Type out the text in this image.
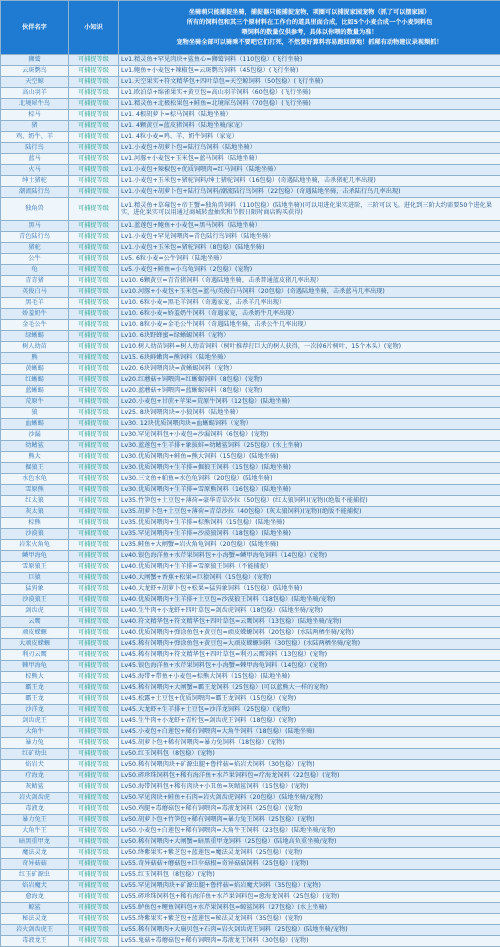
伙伴名字	小知识	坐骑萌只能捕捉坐骑，捕捉器只能捕捉宠物，项圈可以捕捉家园宠物（抓了可以摆家园）
所有的饲料包和其三个原材料在工作台的道具里面合成，比如5个小麦合成一个小麦饲料包
喂饲料的数量仅供参考，具体以你喂的数量为准！
宠物坐骑全部可以骑乘不要吧它们打死，不然要好算料容易跑回原地！抓稀有动物建议录视频抓！

狮鹫	可捕捉等级	Lv1.精灵鱼+罕见肉块+鲨鱼心=狮鹫饲料（110包稳）(飞行坐骑)
云斑鹦鸟	可捕捉等级	Lv1.鲍鱼+小麦包+辣椒包=云斑鹦鸟饲料（45包稳）(飞行坐骑)
天空鲸	可捕捉等级	Lv1.天空果实+符文精华包+四叶草包=天空鲸饲料（50包稳）(飞行坐骑)
高山羽羊	可捕捉等级	Lv1.欧泊草+绵雀果实+黄豆包=高山羽羊饲料（60包稳）(飞行坐骑)
北境犀牛鸟	可捕捉等级	Lv1.精灵鱼+北极松果包+鲑鱼=北境犀鸟饲料（70包稳）(飞行坐骑)
棕马	可捕捉等级	Lv1. 4根胡萝卜=棕马饲料（陆地坐骑）
猪	可捕捉等级	Lv1. 4颗黄豆=蓝皮猪饲料（陆地坐骑/家宠）
鸡、奶牛、羊	可捕捉等级	Lv1. 4粒小麦=鸡、羊、奶牛饲料（家宠）
陆行鸟	可捕捉等级	Lv1.小麦包+胡萝卜包=陆行鸟饲料（陆地坐骑）
蓝马	可捕捉等级	Lv1.河豚+小麦包+玉米包=蓝马饲料（陆地坐骑）
火马	可捕捉等级	Lv1.小麦包+辣椒包+优质饲喂肉=红马饲料（陆地坐骑）
绅士猪驼	可捕捉等级	Lv1.小麦包+玉米包+猪驼饲料/绅士猪驼饲料（16包稳）(奇遇陆地坐骑，击杀猪驼几率出现)
潮流陆行鸟	可捕捉等级	Lv1.小麦包+胡萝卜包+陆行鸟饲料/潮流陆行鸟饲料（22包稳）(奇遇陆地坐骑，击杀陆行鸟几率出现)
独角兽	可捕捉等级	Lv1.精灵鱼+草莓包+帝王蟹=独角兽饲料（110包稳）(陆地坐骑)(可以用进化果实进阶，三阶可以飞。进化到三阶大约需要50个进化果实，进化果实可以用通过商城转盘抽奖和节假日限时商店购买获得)
黑马	可捕捉等级	Lv1.蓝莲包+鲍鱼+小麦包=黑马饲料（陆地坐骑）
青色陆行鸟	可捕捉等级	Lv1.小麦包+罕见饲喂肉=青色陆行鸟饲料（陆地坐骑）
猪驼	可捕捉等级	Lv1.小麦包+玉米包=猪驼饲料（8包稳）(陆地坐骑)
公牛	可捕捉等级	Lv5. 6粒小麦=公牛饲料（陆地坐骑）
龟	可捕捉等级	Lv5.小麦包+鲑鱼=小乌龟饲料（2包稳）(宠物)
青青猪	可捕捉等级	Lv10. 6颗黄豆=青青猪饲料（奇遇陆地坐骑，击杀普通蓝皮猪几率出现）
英俊白马	可捕捉等级	Lv10.河豚+小麦包+玉米包=蓝马/英俊白马饲料（20包稳）(奇遇陆地坐骑，击杀蓝马几率出现)
黑毛羊	可捕捉等级	Lv10. 6粒小麦=黑毛羊饲料（奇遇家宠，击杀羊几率出现）
娇羞奶牛	可捕捉等级	Lv10. 6粒小麦=娇羞奶牛饲料（奇遇家宠，击杀奶牛几率出现）
金毛公牛	可捕捉等级	Lv10. 8粒小麦=金毛公牛饲料（奇遇陆地坐骑，击杀公牛几率出现）
绿蜥蜴	可捕捉等级	Lv10. 6块野蜂蜜=绿蜥蜴饲料（宠物）
树人幼苗	可捕捉等级	Lv10.树人幼苗饲料=树人幼苗饲料（树叶推荐打巨大的树人获得，一次掉6片树叶，15个木头）(宠物)
熊	可捕捉等级	Lv15. 6块鲜嫩肉=熊饲料（陆地坐骑）
黄蜥蜴	可捕捉等级	Lv20. 6块饲喂肉块=黄蜥蜴饲料（宠物）
红蜥蜴	可捕捉等级	Lv20.红蘑菇+饲喂肉=红蜥蜴饲料（8包稳）(宠物)
蓝蜥蜴	可捕捉等级	Lv20.蓝蘑菇+饲喂肉=蓝蜥蜴饲料（8包稳）(宠物)
荒原牛	可捕捉等级	Lv20.小麦包+甘蔗+苹果=荒原牛饲料（12包稳）(陆地坐骑)
狼	可捕捉等级	Lv25. 8块饲喂肉块=小狼饲料（陆地坐骑）
血蜥蜴	可捕捉等级	Lv30. 12块优质饲喂肉块=血蜥蜴饲料（宠物）
沙漏	可捕捉等级	Lv30.罕见饲料包+小麦包=沙漏饲料（6包稳）(宠物)
幼鳍鲨	可捕捉等级	Lv30.蓝莲包+生羊排+象拔蚌=幼鳍鲨饲料（25包稳）(水上坐骑)
熊大	可捕捉等级	Lv30.优质饲喂肉+鲑鱼=熊大饲料（15包稳）(陆地坐骑)
掘狼王	可捕捉等级	Lv30.优质饲喂肉+生羊排=掘狼王饲料（15包稳）(陆地坐骑)
水色水龟	可捕捉等级	Lv30.三文鱼+帕鱼=水色龟饲料（20包稳）(陆地坐骑)
雪原熊	可捕捉等级	Lv30.优质饲喂肉+生羊排=雪原熊饲料（16包稳）(陆地坐骑)
红太狼	可捕捉等级	Lv35.竹笋包+土豆包+薄荷=豪华青草沙拉（50包稳）(红太狼饲料)(宠物)(绝版不能捕捉)
灰太狼	可捕捉等级	Lv35.胡萝卜包+土豆包+薄荷=青草沙拉（40包稳）(灰太狼饲料)(宠物)(绝版不能捕捉)
棕熊	可捕捉等级	Lv35.优质饲喂肉+生羊排=棕熊饲料（15包稳）(陆地坐骑)
沙漠狼	可捕捉等级	Lv35.罕见饲喂肉+生羊排=沙漠狼饲料（18包稳）(陆地坐骑)
岩浆火角龟	可捕捉等级	Lv35.鲑鱼+大闸蟹=岩火角龟饲料（20包稳）(陆地坐骑)
鳞甲海龟	可捕捉等级	Lv40.银色海洋鱼+水芹果饲料包+小海蟹=鳞甲海龟饲料（14包稳）(宠物)
雪原狼王	可捕捉等级	Lv40.优质饲喂肉+生羊排=雪原狼王饲料（不能捕捉）
巨猿	可捕捉等级	Lv40.大闸蟹+香蕉+松果=巨猿饲料（15包稳）(宠物)
猛犸象	可捕捉等级	Lv40.大龙虾+胡萝卜包+松果=猛犸象饲料（15包稳）(陆地坐骑)
沙漠狼王	可捕捉等级	Lv40.优质饲喂肉+生羊排+土豆包=沙漠狼王饲料（18包稳）(陆地坐骑/宠物)
剑齿虎	可捕捉等级	Lv40.生牛肉+小龙虾+四叶草包=剑齿虎饲料（18包稳）(陆地坐骑/宠物)
云鹰	可捕捉等级	Lv40.符文精华包+符文精华包+四叶草包=云鹰饲料（13包稳）(陆地坐骑/宠物)
顽皮蝾螈	可捕捉等级	Lv40.优质饲喂肉+弹涂鱼包+黄豆包=顽皮蝾螈饲料（20包稳）(水陆两栖坐骑/宠物)
大顽皮蝾螈	可捕捉等级	Lv45.稀有饲喂肉+弹涂鱼包+黄豆包=大顽皮蝾螈饲料（30包稳）(水陆两栖坐骑/宠物)
利刃云鹰	可捕捉等级	Lv45.稀有饲喂肉+符文精华包+四叶草包=利刃云鹰饲料（13包稳）(宠物)
棘甲海龟	可捕捉等级	Lv45.银色海洋鱼+水芹果饲料包+小海蟹=棘甲海龟饲料（14包稳）(宠物)
棕熊大	可捕捉等级	Lv45.海带+带鱼+小麦包=棕熊大饲料（15包稳）(陆地坐骑)
霸王龙	可捕捉等级	Lv45.稀有饲喂肉+大闸蟹=霸王龙饲料（25包稳）(可以蓝熊大一样的宠物)
霸王龙	可捕捉等级	Lv45.松露+土豆包+优质饲喂肉=霸王龙饲料（15包稳）(宠物)
沙洋龙	可捕捉等级	Lv45.大龙虾+生羊排+土豆包=沙洋龙饲料（25包稳）(宠物)
剑齿虎王	可捕捉等级	Lv45.生牛肉+小龙虾+青柠包=剑齿虎王饲料（18包稳）(宠物)
大角牛	可捕捉等级	Lv45.小麦包+白莲包+稀有饲喂肉=大角牛饲料（18包稳）(陆地坐骑)
暴力兔	可捕捉等级	Lv45.胡萝卜包+稀有饲喂肉=暴力兔饲料（18包稳）(宠物)
红矿幼虫	可捕捉等级	Lv50.红玉饲料包（8包稳）(宠物)
焰岩犬	可捕捉等级	Lv50.稀有饲喂肉块+矿源虫腿+鲁拌菇=焰岩犬饲料（30包稳）(宠物)
疗海龙	可捕捉等级	Lv50.碎珍珠饲料包+稀有海洋鱼+水芦果饲料包=疗海龙饲料（22包稳）(宠物)
灰鲭鲨	可捕捉等级	Lv50.海带饲料包+稀有肉块+小丑鱼=灰鲭鲨饲料（15包稳）(宠物)
岩火剑齿虎	可捕捉等级	Lv50.罕见肉块+鲑鱼+石肉=岩火剑齿虎饲料（20包稳）(陆地坐骑/宠物)
毒液龙	可捕捉等级	Lv50.鸡腿+毒蘑菇包+稀有饲喂肉=毒液龙饲料（25包稳）(宠物)
暴力兔王	可捕捉等级	Lv50.胡萝卜包+竹笋包+稀有饲喂肉=暴力兔王饲料（25包稳）(宠物)
大角牛王	可捕捉等级	Lv50.小麦包+白莲包+稀有饲喂肉=大角牛王饲料（23包稳）(陆地坐骑/宠物)
暗黑重甲龙	可捕捉等级	Lv50.稀有饲喂肉+大闸蟹=暗黑重甲龙饲料（25包稳）(陆地高负重坐骑/宠物)
魔法灵龙	可捕捉等级	Lv50.绛紫果实+紫芝包+蓝莲包=魔法灵龙饲料（25包稳）(宠物)
奇异菇菇	可捕捉等级	Lv55.奇异菇菇+蘑菇包+巨伞菇根=奇异菇菇饲料（25包稳）(宠物)
红玉矿源虫	可捕捉等级	Lv55.红玉饲料包（8包稳）(宠物)
焰岩魔犬	可捕捉等级	Lv55.罕见饲喂肉块+矿源虫腿+鲁拌菇=焰岩魔犬饲料（35包稳）(宠物)
愈海龙	可捕捉等级	Lv55.碎珍珠饲料包+稀有海洋鱼+水芦果饲料包=愈海龙饲料（25包稳）(宠物)
鲸鲨	可捕捉等级	Lv55.鲈鱼包+鲤鱼饲料包+水芹果饲料包=鲸鲨饲料（27包稳）(水上坐骑)
秘法灵龙	可捕捉等级	Lv55.绛紫果实+紫芝包+蓝莲包=秘法灵龙饲料（35包稳）(宠物)
岩火剑齿虎王	可捕捉等级	Lv55.稀有饲喂肉+大扇贝包+石肉=岩火剑齿虎王饲料（25包稳）(陆地坐骑/宠物)
毒液龙王	可捕捉等级	Lv55.鬼菇+毒蘑菇包+稀有饲喂肉=毒液龙王饲料（30包稳）(宠物)
